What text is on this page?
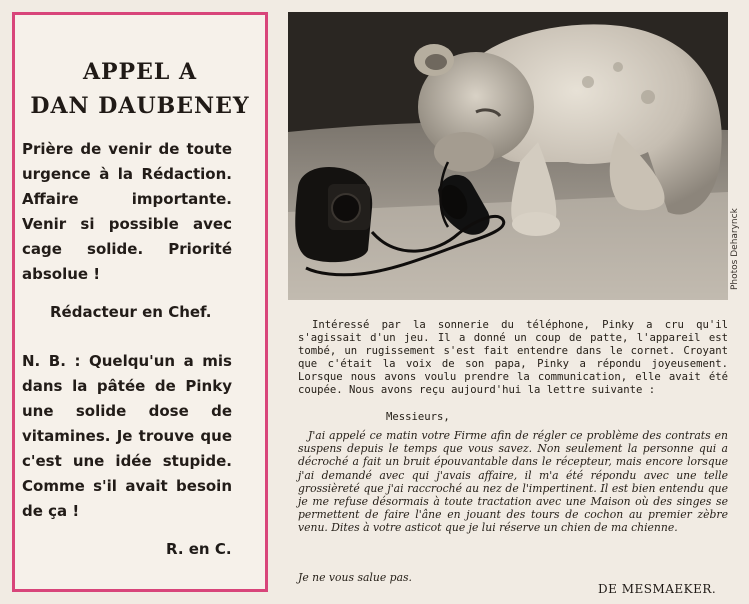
APPEL A
DAN DAUBENEY
Prière de venir de toute urgence à la Rédaction. Affaire importante. Venir si possible avec cage solide. Priorité absolue !
Rédacteur en Chef.
N. B. : Quelqu'un a mis dans la pâtée de Pinky une solide dose de vitamines. Je trouve que c'est une idée stupide. Comme s'il avait besoin de ça !
R. en C.
Photos Deharynck
Intéressé par la sonnerie du téléphone, Pinky a cru qu'il s'agissait d'un jeu. Il a donné un coup de patte, l'appareil est tombé, un rugissement s'est fait entendre dans le cornet. Croyant que c'était la voix de son papa, Pinky a répondu joyeusement. Lorsque nous avons voulu prendre la communication, elle avait été coupée. Nous avons reçu aujourd'hui la lettre suivante :
Messieurs,
J'ai appelé ce matin votre Firme afin de régler ce problème des contrats en suspens depuis le temps que vous savez. Non seulement la personne qui a décroché a fait un bruit épouvantable dans le récepteur, mais encore lorsque j'ai demandé avec qui j'avais affaire, il m'a été répondu avec une telle grossièreté que j'ai raccroché au nez de l'impertinent. Il est bien entendu que je me refuse désormais à toute tractation avec une Maison où des singes se permettent de faire l'âne en jouant des tours de cochon au premier zèbre venu. Dites à votre asticot que je lui réserve un chien de ma chienne.
Je ne vous salue pas.
DE MESMAEKER.
